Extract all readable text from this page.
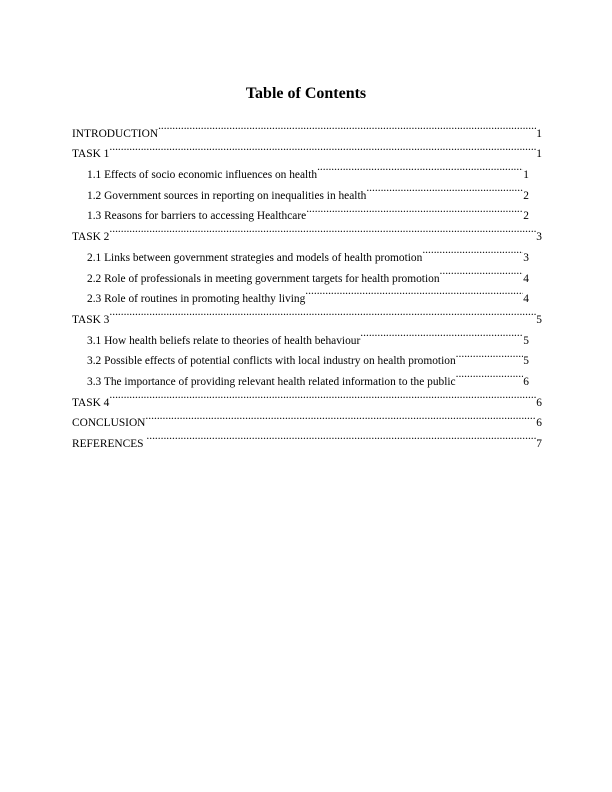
Table of Contents
INTRODUCTION .....	1
TASK 1 .....	1
1.1 Effects of socio economic influences on health .....	1
1.2 Government sources in reporting on inequalities in health .....	2
1.3 Reasons for barriers to accessing Healthcare .....	2
TASK 2 .....	3
2.1 Links between government strategies and models of health promotion .....	3
2.2 Role of professionals in meeting government targets for health promotion .....	4
2.3 Role of routines in promoting healthy living .....	4
TASK 3 .....	5
3.1 How health beliefs relate to theories of health behaviour .....	5
3.2 Possible effects of potential conflicts with local industry on health promotion .....	5
3.3 The importance of providing relevant health related information to the public .....	6
TASK 4 .....	6
CONCLUSION .....	6
REFERENCES .....	7
